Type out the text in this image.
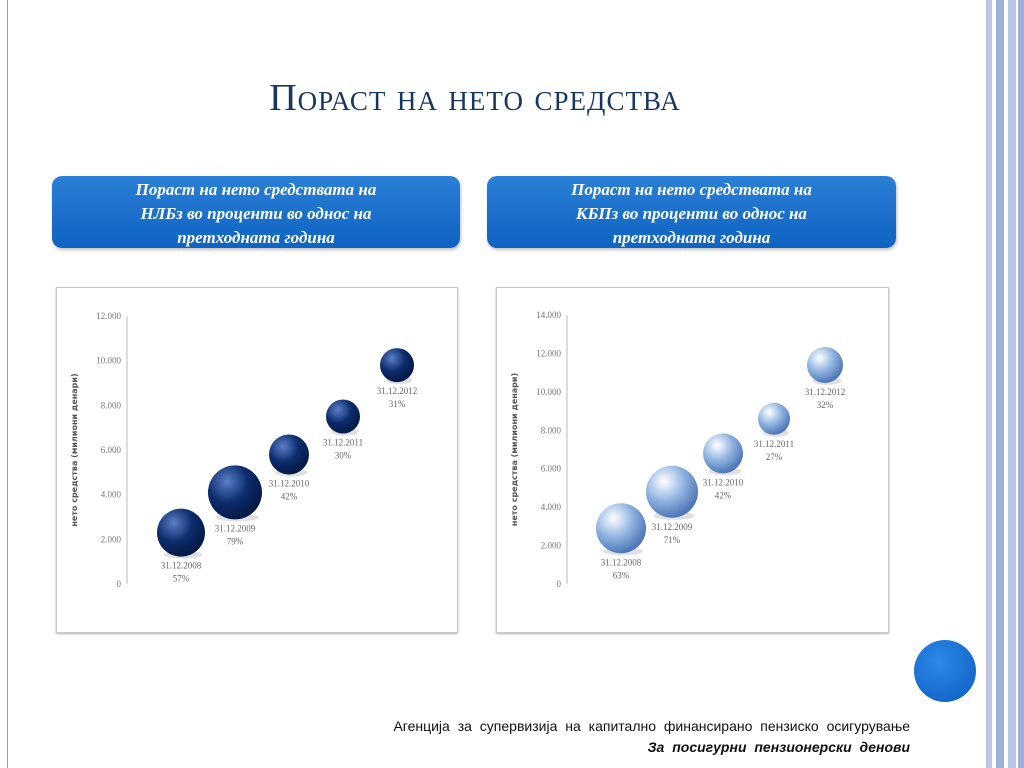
Пораст на нето средства
Пораст на нето средствата на
НЛБз во проценти во однос на
претходната година
Пораст на нето средствата на
КБПз во проценти во однос на
претходната година
0
2.000
4.000
6.000
8.000
10.000
12.000
нето средства (милиони денари)
31.12.2008
57%
31.12.2009
79%
31.12.2010
42%
31.12.2011
30%
31.12.2012
31%
0
2.000
4.000
6.000
8.000
10.000
12.000
14.000
нето средства (милиони денари)
31.12.2008
63%
31.12.2009
71%
31.12.2010
42%
31.12.2011
27%
31.12.2012
32%
Агенција за супервизија на капитално финансирано пензиско осигурување
За посигурни пензионерски денови
